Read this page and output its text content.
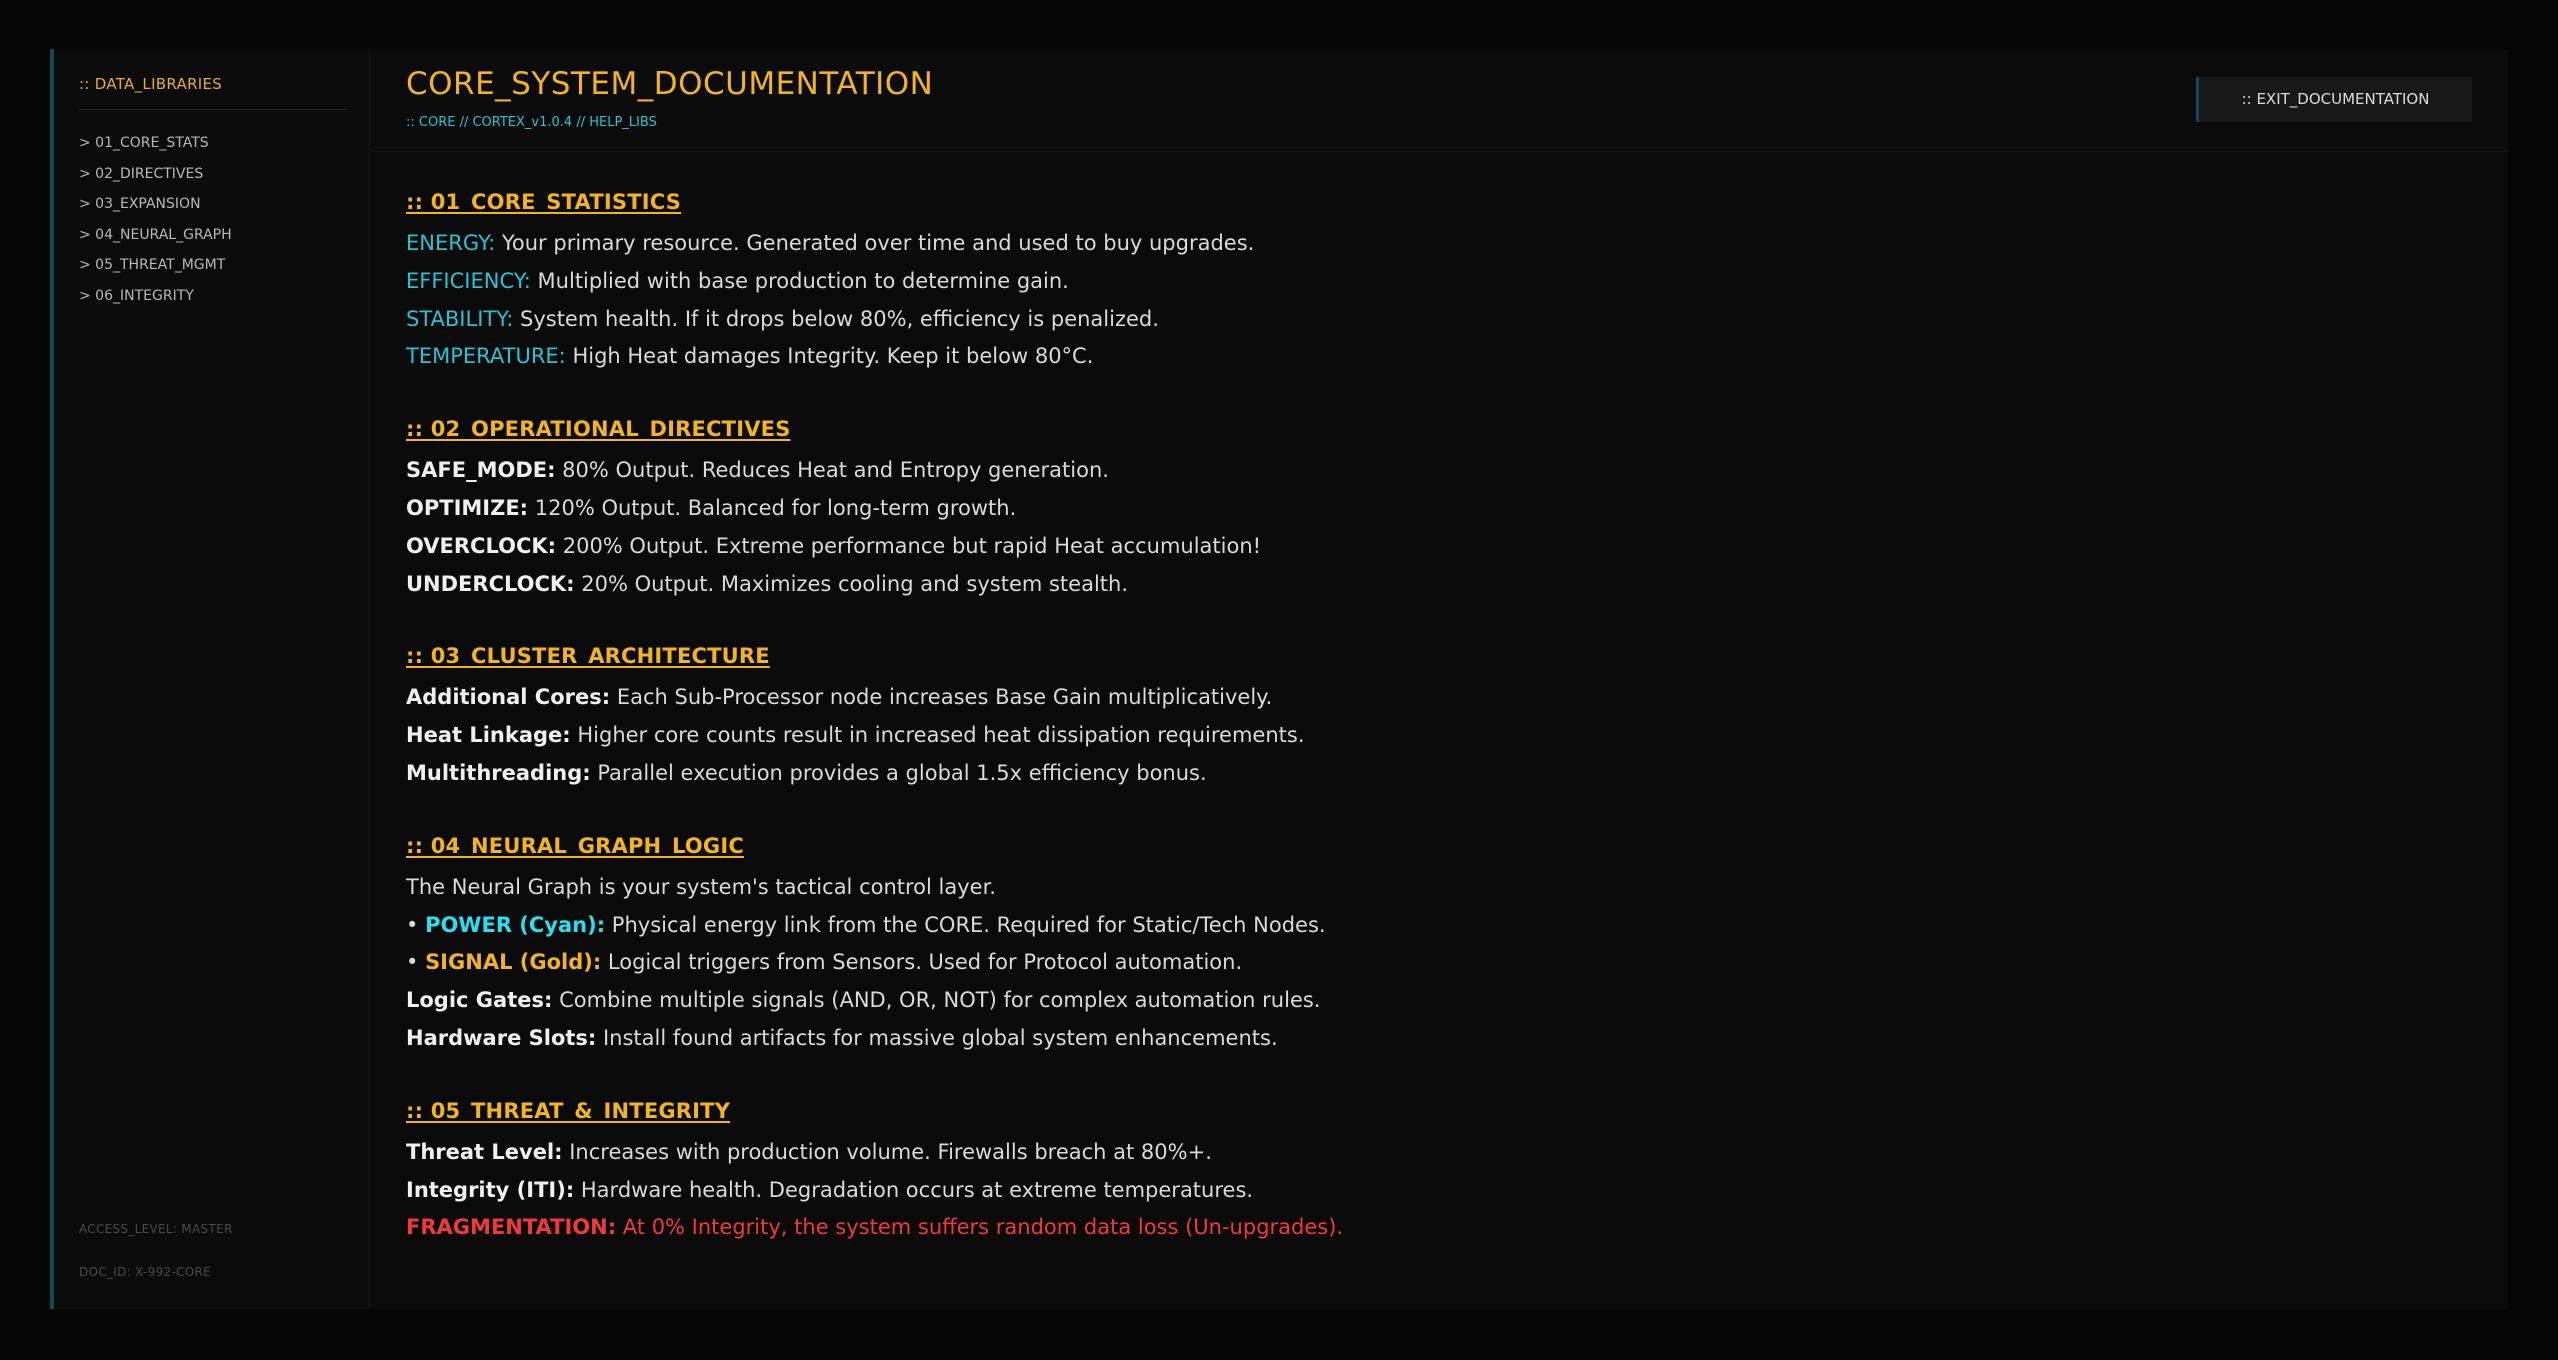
:: DATA_LIBRARIES
> 01_CORE_STATS
> 02_DIRECTIVES
> 03_EXPANSION
> 04_NEURAL_GRAPH
> 05_THREAT_MGMT
> 06_INTEGRITY
ACCESS_LEVEL: MASTER
DOC_ID: X-992-CORE
CORE_SYSTEM_DOCUMENTATION
:: CORE // CORTEX_v1.0.4 // HELP_LIBS
:: EXIT_DOCUMENTATION
:: 01_CORE_STATISTICS
ENERGY: Your primary resource. Generated over time and used to buy upgrades.
EFFICIENCY: Multiplied with base production to determine gain.
STABILITY: System health. If it drops below 80%, efficiency is penalized.
TEMPERATURE: High Heat damages Integrity. Keep it below 80°C.
:: 02_OPERATIONAL_DIRECTIVES
SAFE_MODE: 80% Output. Reduces Heat and Entropy generation.
OPTIMIZE: 120% Output. Balanced for long-term growth.
OVERCLOCK: 200% Output. Extreme performance but rapid Heat accumulation!
UNDERCLOCK: 20% Output. Maximizes cooling and system stealth.
:: 03_CLUSTER_ARCHITECTURE
Additional Cores: Each Sub-Processor node increases Base Gain multiplicatively.
Heat Linkage: Higher core counts result in increased heat dissipation requirements.
Multithreading: Parallel execution provides a global 1.5x efficiency bonus.
:: 04_NEURAL_GRAPH_LOGIC
The Neural Graph is your system's tactical control layer.
• POWER (Cyan): Physical energy link from the CORE. Required for Static/Tech Nodes.
• SIGNAL (Gold): Logical triggers from Sensors. Used for Protocol automation.
Logic Gates: Combine multiple signals (AND, OR, NOT) for complex automation rules.
Hardware Slots: Install found artifacts for massive global system enhancements.
:: 05_THREAT_&_INTEGRITY
Threat Level: Increases with production volume. Firewalls breach at 80%+.
Integrity (ITI): Hardware health. Degradation occurs at extreme temperatures.
FRAGMENTATION: At 0% Integrity, the system suffers random data loss (Un-upgrades).
